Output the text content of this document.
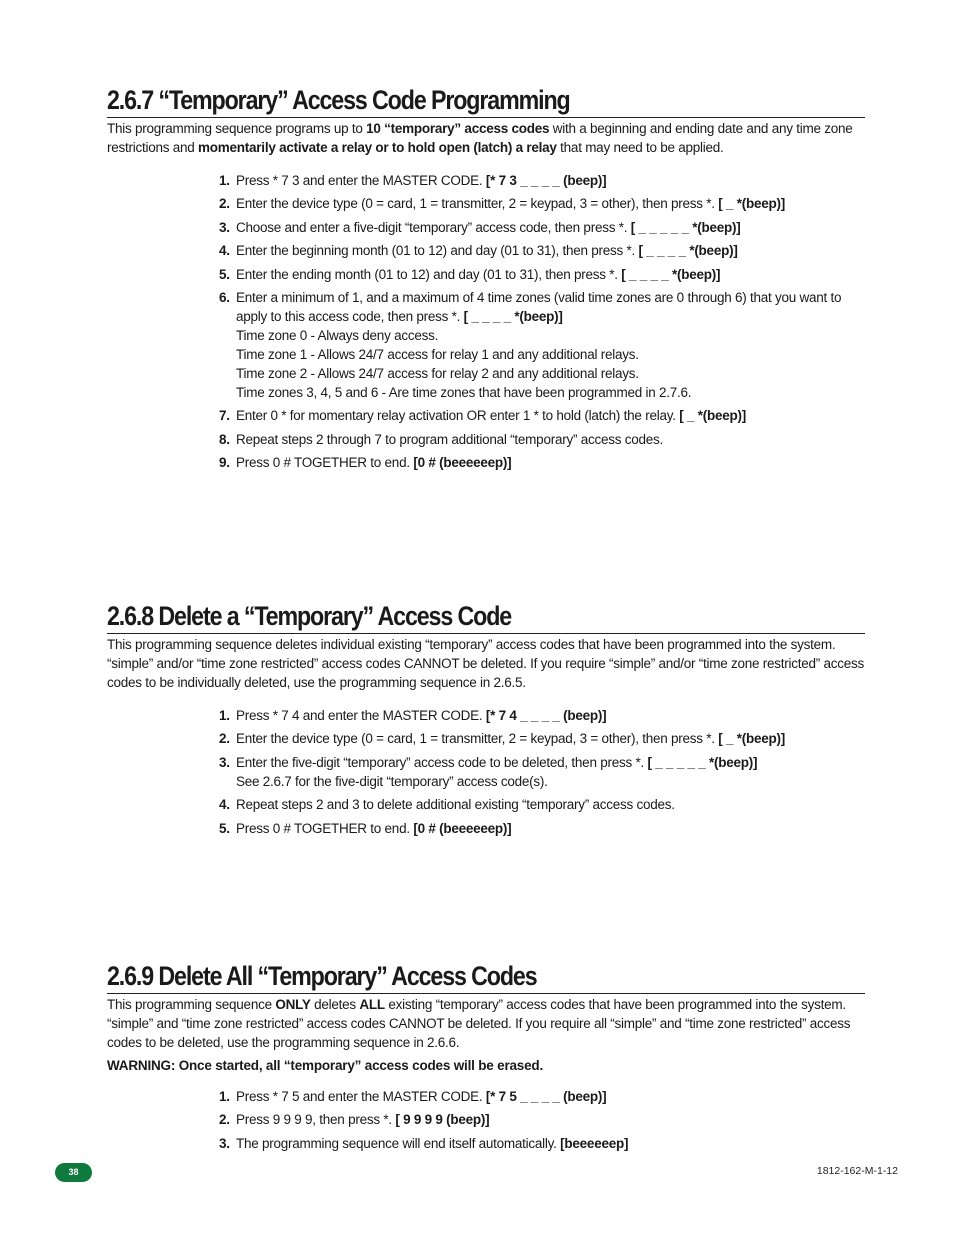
2.6.7 “Temporary” Access Code Programming
This programming sequence programs up to 10 “temporary” access codes with a beginning and ending date and any time zone restrictions and momentarily activate a relay or to hold open (latch) a relay that may need to be applied.
1. Press * 7 3 and enter the MASTER CODE. [* 7 3 _ _ _ _ (beep)]
2. Enter the device type (0 = card, 1 = transmitter, 2 = keypad, 3 = other), then press *. [ _ *(beep)]
3. Choose and enter a five-digit “temporary” access code, then press *. [ _ _ _ _ _ *(beep)]
4. Enter the beginning month (01 to 12) and day (01 to 31), then press *. [ _ _ _ _ *(beep)]
5. Enter the ending month (01 to 12) and day (01 to 31), then press *. [ _ _ _ _ *(beep)]
6. Enter a minimum of 1, and a maximum of 4 time zones (valid time zones are 0 through 6) that you want to apply to this access code, then press *. [ _ _ _ _ *(beep)]
Time zone 0 - Always deny access.
Time zone 1 - Allows 24/7 access for relay 1 and any additional relays.
Time zone 2 - Allows 24/7 access for relay 2 and any additional relays.
Time zones 3, 4, 5 and 6 - Are time zones that have been programmed in 2.7.6.
7. Enter 0 * for momentary relay activation OR enter 1 * to hold (latch) the relay. [ _ *(beep)]
8. Repeat steps 2 through 7 to program additional “temporary” access codes.
9. Press 0 # TOGETHER to end. [0 # (beeeeeep)]
2.6.8 Delete a “Temporary” Access Code
This programming sequence deletes individual existing “temporary” access codes that have been programmed into the system. “simple” and/or “time zone restricted” access codes CANNOT be deleted. If you require “simple” and/or “time zone restricted” access codes to be individually deleted, use the programming sequence in 2.6.5.
1. Press * 7 4 and enter the MASTER CODE. [* 7 4 _ _ _ _ (beep)]
2. Enter the device type (0 = card, 1 = transmitter, 2 = keypad, 3 = other), then press *. [ _ *(beep)]
3. Enter the five-digit “temporary” access code to be deleted, then press *. [ _ _ _ _ _ *(beep)]
See 2.6.7 for the five-digit “temporary” access code(s).
4. Repeat steps 2 and 3 to delete additional existing “temporary” access codes.
5. Press 0 # TOGETHER to end. [0 # (beeeeeep)]
2.6.9 Delete All “Temporary” Access Codes
This programming sequence ONLY deletes ALL existing “temporary” access codes that have been programmed into the system. “simple” and “time zone restricted” access codes CANNOT be deleted. If you require all “simple” and “time zone restricted” access codes to be deleted, use the programming sequence in 2.6.6.
WARNING: Once started, all “temporary” access codes will be erased.
1. Press * 7 5 and enter the MASTER CODE. [* 7 5 _ _ _ _ (beep)]
2. Press 9 9 9 9, then press *. [ 9 9 9 9 (beep)]
3. The programming sequence will end itself automatically. [beeeeeep]
38	1812-162-M-1-12
